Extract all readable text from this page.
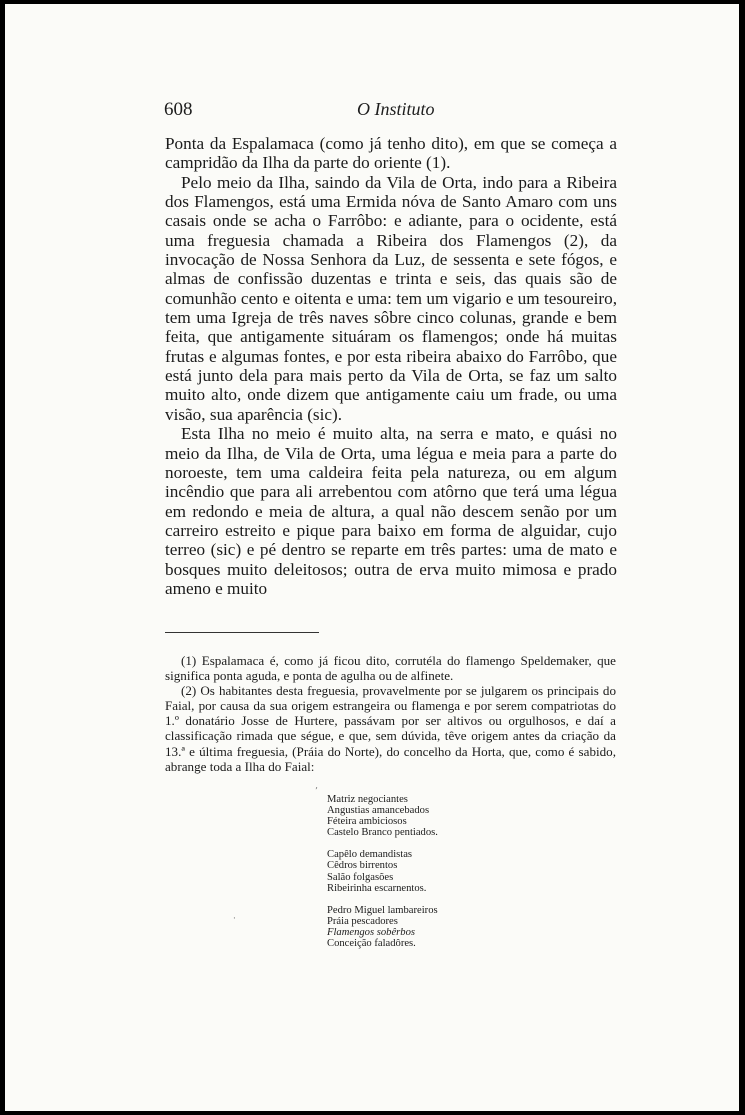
608	O Instituto

Ponta da Espalamaca (como já tenho dito), em que se começa a campridão da Ilha da parte do oriente (1).

Pelo meio da Ilha, saindo da Vila de Orta, indo para a Ribeira dos Flamengos, está uma Ermida nóva de Santo Amaro com uns casais onde se acha o Farrôbo: e adiante, para o ocidente, está uma freguesia chamada a Ribeira dos Flamengos (2), da invocação de Nossa Senhora da Luz, de sessenta e sete fógos, e almas de confissão duzentas e trinta e seis, das quais são de comunhão cento e oitenta e uma: tem um vigario e um tesoureiro, tem uma Igreja de três naves sôbre cinco colunas, grande e bem feita, que antigamente situáram os flamengos; onde há muitas frutas e algumas fontes, e por esta ribeira abaixo do Farrôbo, que está junto dela para mais perto da Vila de Orta, se faz um salto muito alto, onde dizem que antigamente caiu um frade, ou uma visão, sua aparência (sic).

Esta Ilha no meio é muito alta, na serra e mato, e quási no meio da Ilha, de Vila de Orta, uma légua e meia para a parte do noroeste, tem uma caldeira feita pela natureza, ou em algum incêndio que para ali arrebentou com atôrno que terá uma légua em redondo e meia de altura, a qual não descem senão por um carreiro estreito e pique para baixo em forma de alguidar, cujo terreo (sic) e pé dentro se reparte em três partes: uma de mato e bosques muito deleitosos; outra de erva muito mimosa e prado ameno e muito

(1) Espalamaca é, como já ficou dito, corrutéla do flamengo Speldemaker, que significa ponta aguda, e ponta de agulha ou de alfinete.

(2) Os habitantes desta freguesia, provavelmente por se julgarem os principais do Faial, por causa da sua origem estrangeira ou flamenga e por serem compatriotas do 1.º donatário Josse de Hurtere, passávam por ser altivos ou orgulhosos, e daí a classificação rimada que ségue, e que, sem dúvida, têve origem antes da criação da 13.ª e última freguesia, (Práia do Norte), do concelho da Horta, que, como é sabido, abrange toda a Ilha do Faial:

’
·
Matriz negociantes
Angustias amancebados
Féteira ambiciosos
Castelo Branco pentiados.
Capêlo demandistas
Cêdros birrentos
Salão folgasões
Ribeirinha escarnentos.
Pedro Miguel lambareiros
Práia pescadores
Flamengos sobêrbos
Conceição faladôres.
